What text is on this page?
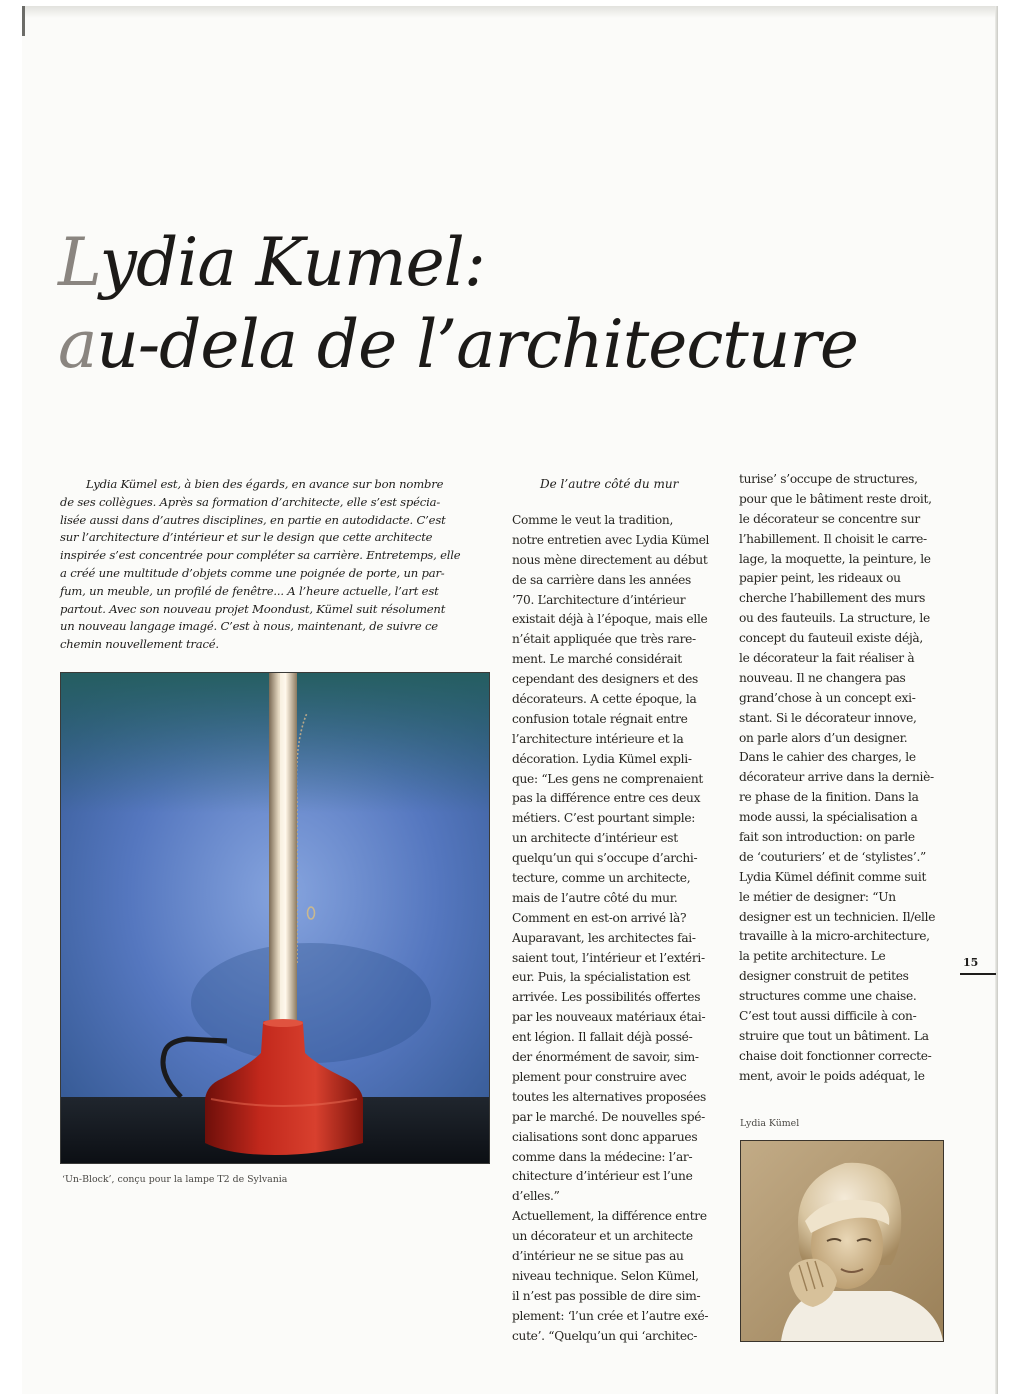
Lydia Kumel:
au-dela de l’architecture
Lydia Kümel est, à bien des égards, en avance sur bon nombre
de ses collègues. Après sa formation d’architecte, elle s’est spécia-
lisée aussi dans d’autres disciplines, en partie en autodidacte. C’est
sur l’architecture d’intérieur et sur le design que cette architecte
inspirée s’est concentrée pour compléter sa carrière. Entretemps, elle
a créé une multitude d’objets comme une poignée de porte, un par-
fum, un meuble, un profilé de fenêtre... A l’heure actuelle, l’art est
partout. Avec son nouveau projet Moondust, Kümel suit résolument
un nouveau langage imagé. C’est à nous, maintenant, de suivre ce
chemin nouvellement tracé.
‘Un-Block’, conçu pour la lampe T2 de Sylvania
De l’autre côté du mur
Comme le veut la tradition,
notre entretien avec Lydia Kümel
nous mène directement au début
de sa carrière dans les années
’70. L’architecture d’intérieur
existait déjà à l’époque, mais elle
n’était appliquée que très rare-
ment. Le marché considérait
cependant des designers et des
décorateurs. A cette époque, la
confusion totale régnait entre
l’architecture intérieure et la
décoration. Lydia Kümel expli-
que: “Les gens ne comprenaient
pas la différence entre ces deux
métiers. C’est pourtant simple:
un architecte d’intérieur est
quelqu’un qui s’occupe d’archi-
tecture, comme un architecte,
mais de l’autre côté du mur.
Comment en est-on arrivé là?
Auparavant, les architectes fai-
saient tout, l’intérieur et l’extéri-
eur. Puis, la spécialistation est
arrivée. Les possibilités offertes
par les nouveaux matériaux étai-
ent légion. Il fallait déjà possé-
der énormément de savoir, sim-
plement pour construire avec
toutes les alternatives proposées
par le marché. De nouvelles spé-
cialisations sont donc apparues
comme dans la médecine: l’ar-
chitecture d’intérieur est l’une
d’elles.”
Actuellement, la différence entre
un décorateur et un architecte
d’intérieur ne se situe pas au
niveau technique. Selon Kümel,
il n’est pas possible de dire sim-
plement: ‘l’un crée et l’autre exé-
cute’. “Quelqu’un qui ‘architec-
turise’ s’occupe de structures,
pour que le bâtiment reste droit,
le décorateur se concentre sur
l’habillement. Il choisit le carre-
lage, la moquette, la peinture, le
papier peint, les rideaux ou
cherche l’habillement des murs
ou des fauteuils. La structure, le
concept du fauteuil existe déjà,
le décorateur la fait réaliser à
nouveau. Il ne changera pas
grand’chose à un concept exi-
stant. Si le décorateur innove,
on parle alors d’un designer.
Dans le cahier des charges, le
décorateur arrive dans la derniè-
re phase de la finition. Dans la
mode aussi, la spécialisation a
fait son introduction: on parle
de ‘couturiers’ et de ‘stylistes’.”
Lydia Kümel définit comme suit
le métier de designer: “Un
designer est un technicien. Il/elle
travaille à la micro-architecture,
la petite architecture. Le
designer construit de petites
structures comme une chaise.
C’est tout aussi difficile à con-
struire que tout un bâtiment. La
chaise doit fonctionner correcte-
ment, avoir le poids adéquat, le
15
Lydia Kümel
